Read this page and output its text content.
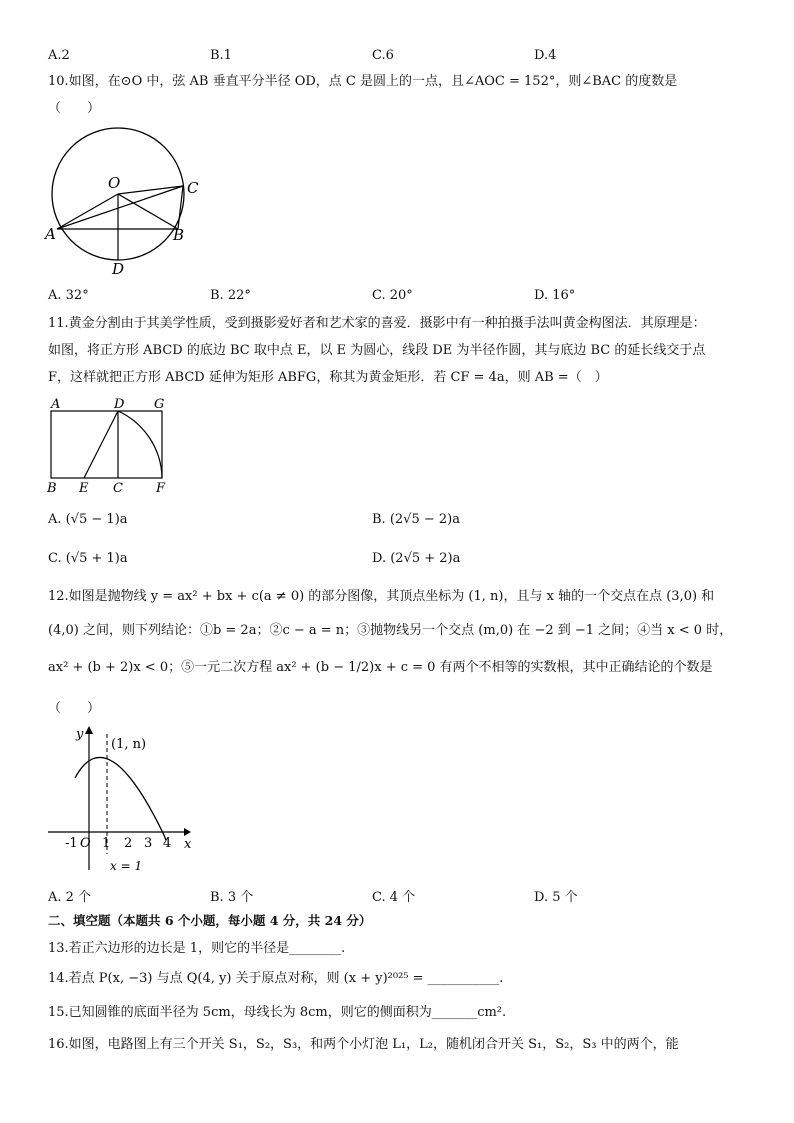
A.2	B.1	C.6	D.4
10.如图，在⊙O 中，弦 AB 垂直平分半径 OD，点 C 是圆上的一点，且∠AOC = 152°，则∠BAC 的度数是
（　　）
O	C
A	B
D
A. 32°	B. 22°	C. 20°	D. 16°
11.黄金分割由于其美学性质，受到摄影爱好者和艺术家的喜爱．摄影中有一种拍摄手法叫黄金构图法．其原理是：
如图，将正方形 ABCD 的底边 BC 取中点 E，以 E 为圆心，线段 DE 为半径作圆，其与底边 BC 的延长线交于点
F，这样就把正方形 ABCD 延伸为矩形 ABFG，称其为黄金矩形．若 CF = 4a，则 AB =（　）
A	D G
B E C	F
A. (√5 − 1)a	B. (2√5 − 2)a
C. (√5 + 1)a	D. (2√5 + 2)a
12.如图是抛物线 y = ax² + bx + c(a ≠ 0) 的部分图像，其顶点坐标为 (1, n)，且与 x 轴的一个交点在点 (3,0) 和
(4,0) 之间，则下列结论：①b = 2a；②c − a = n；③抛物线另一个交点 (m,0) 在 −2 到 −1 之间；④当 x < 0 时，
ax² + (b + 2)x < 0；⑤一元二次方程 ax² + (b − 1/2)x + c = 0 有两个不相等的实数根，其中正确结论的个数是
（　　）
y
x
(1, n)
-1 O 1 2 3 4
x = 1
A. 2 个	B. 3 个	C. 4 个	D. 5 个
二、填空题（本题共 6 个小题，每小题 4 分，共 24 分）
13.若正六边形的边长是 1，则它的半径是________.
14.若点 P(x, −3) 与点 Q(4, y) 关于原点对称，则 (x + y)²⁰²⁵ = ___________.
15.已知圆锥的底面半径为 5cm，母线长为 8cm，则它的侧面积为_______cm².
16.如图，电路图上有三个开关 S₁，S₂，S₃，和两个小灯泡 L₁，L₂，随机闭合开关 S₁，S₂，S₃ 中的两个，能
